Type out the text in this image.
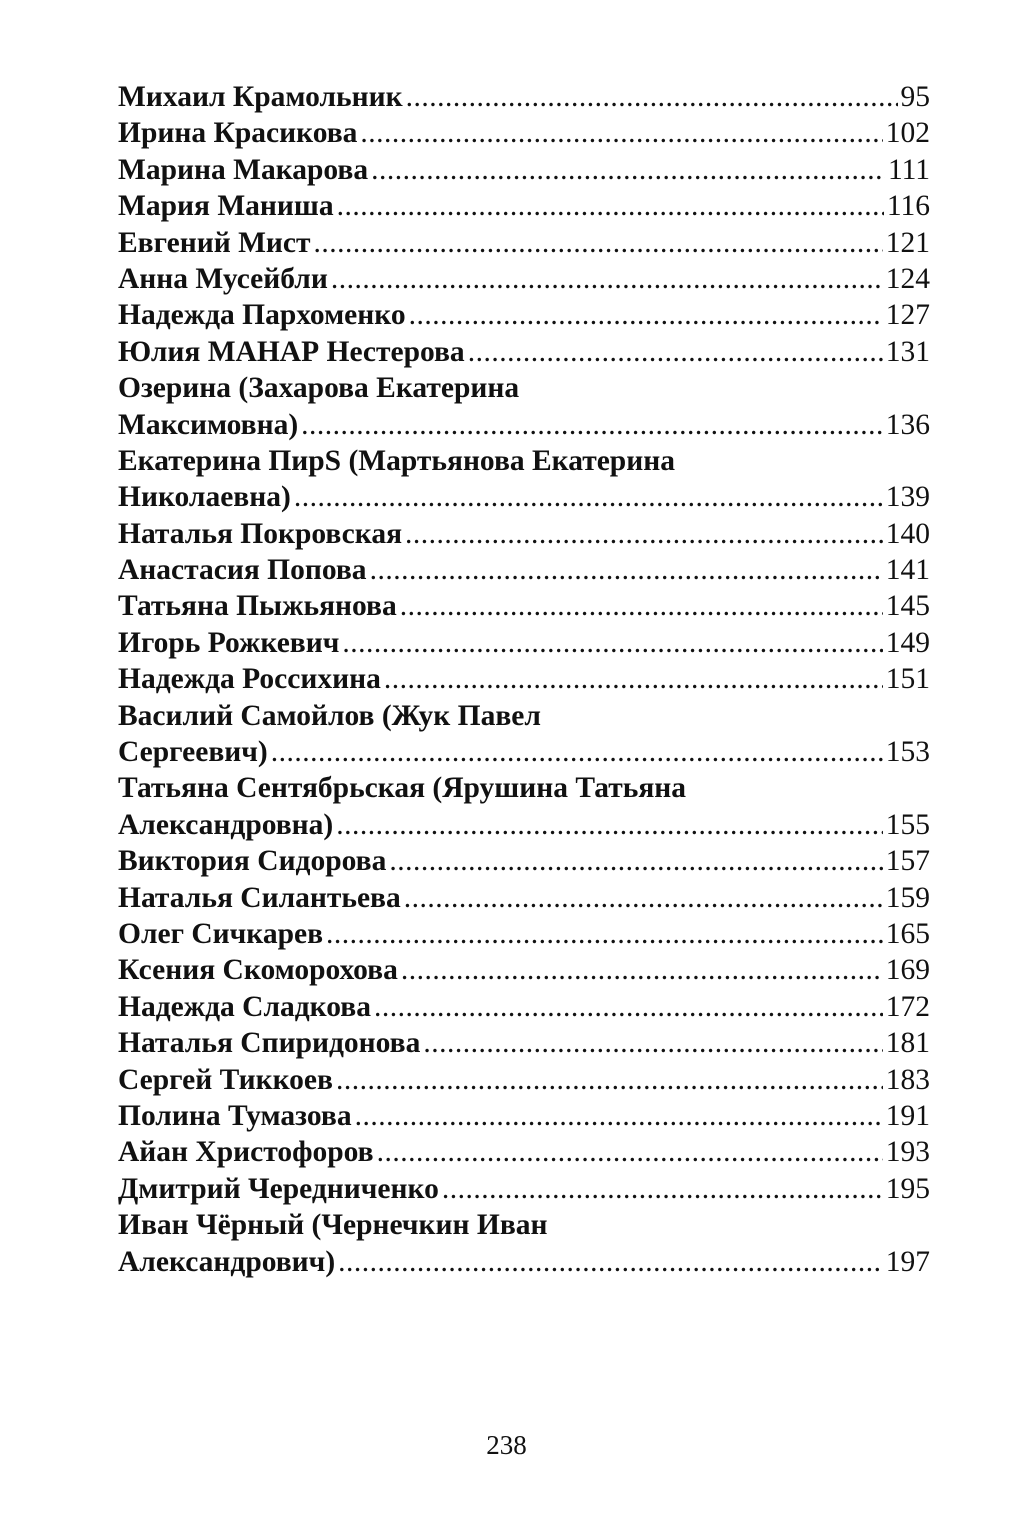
Михаил Крамольник .....	95
Ирина Красикова .....	102
Марина Макарова .....	111
Мария Маниша .....	116
Евгений Мист .....	121
Анна Мусейбли .....	124
Надежда Пархоменко .....	127
Юлия МАНАР Нестерова .....	131
Озерина (Захарова Екатерина
Максимовна) .....	136
Екатерина ПирS (Мартьянова Екатерина
Николаевна) .....	139
Наталья Покровская .....	140
Анастасия Попова .....	141
Татьяна Пыжьянова .....	145
Игорь Рожкевич .....	149
Надежда Россихина .....	151
Василий Самойлов (Жук Павел
Сергеевич) .....	153
Татьяна Сентябрьская (Ярушина Татьяна
Александровна) .....	155
Виктория Сидорова .....	157
Наталья Силантьева .....	159
Олег Сичкарев .....	165
Ксения Скоморохова .....	169
Надежда Сладкова .....	172
Наталья Спиридонова .....	181
Сергей Тиккоев .....	183
Полина Тумазова .....	191
Айан Христофоров .....	193
Дмитрий Чередниченко .....	195
Иван Чёрный (Чернечкин Иван
Александрович) .....	197
238
